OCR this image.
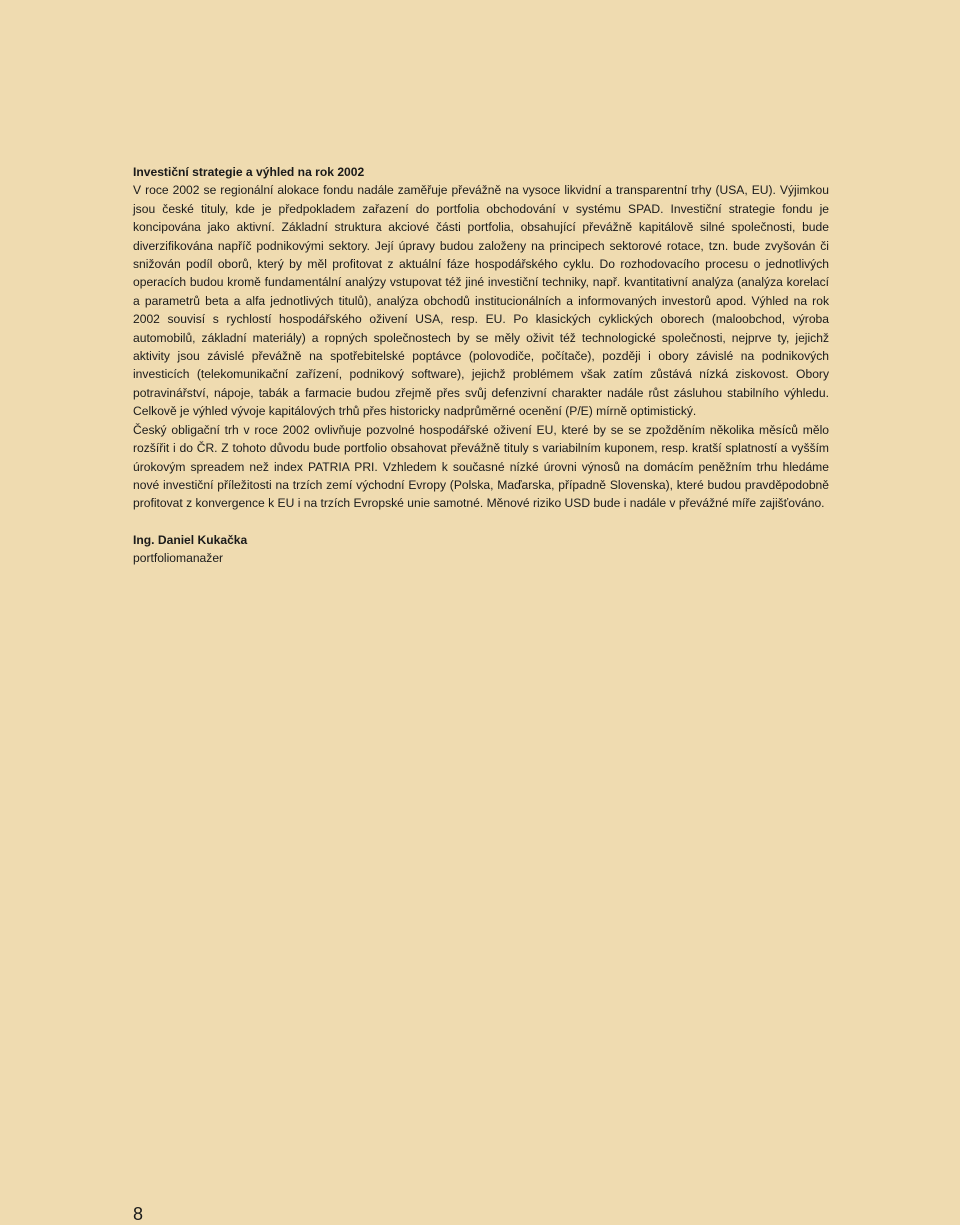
Investiční strategie a výhled na rok 2002

V roce 2002 se regionální alokace fondu nadále zaměřuje převážně na vysoce likvidní a transparentní trhy (USA, EU). Výjimkou jsou české tituly, kde je předpokladem zařazení do portfolia obchodování v systému SPAD. Investiční strategie fondu je koncipována jako aktivní. Základní struktura akciové části portfolia, obsahující převážně kapitálově silné společnosti, bude diverzifikována napříč podnikovými sektory. Její úpravy budou založeny na principech sektorové rotace, tzn. bude zvyšován či snižován podíl oborů, který by měl profitovat z aktuální fáze hospodářského cyklu. Do rozhodovacího procesu o jednotlivých operacích budou kromě fundamentální analýzy vstupovat též jiné investiční techniky, např. kvantitativní analýza (analýza korelací a parametrů beta a alfa jednotlivých titulů), analýza obchodů institucionálních a informovaných investorů apod. Výhled na rok 2002 souvisí s rychlostí hospodářského oživení USA, resp. EU. Po klasických cyklických oborech (maloobchod, výroba automobilů, základní materiály) a ropných společnostech by se měly oživit též technologické společnosti, nejprve ty, jejichž aktivity jsou závislé převážně na spotřebitelské poptávce (polovodiče, počítače), později i obory závislé na podnikových investicích (telekomunikační zařízení, podnikový software), jejichž problémem však zatím zůstává nízká ziskovost. Obory potravinářství, nápoje, tabák a farmacie budou zřejmě přes svůj defenzivní charakter nadále růst zásluhou stabilního výhledu. Celkově je výhled vývoje kapitálových trhů přes historicky nadprůměrné ocenění (P/E) mírně optimistický.

Český obligační trh v roce 2002 ovlivňuje pozvolné hospodářské oživení EU, které by se se zpožděním několika měsíců mělo rozšířit i do ČR. Z tohoto důvodu bude portfolio obsahovat převážně tituly s variabilním kuponem, resp. kratší splatností a vyšším úrokovým spreadem než index PATRIA PRI. Vzhledem k současné nízké úrovni výnosů na domácím peněžním trhu hledáme nové investiční příležitosti na trzích zemí východní Evropy (Polska, Maďarska, případně Slovenska), které budou pravděpodobně profitovat z konvergence k EU i na trzích Evropské unie samotné. Měnové riziko USD bude i nadále v převážné míře zajišťováno.

Ing. Daniel Kukačka

portfoliomanažer

8
